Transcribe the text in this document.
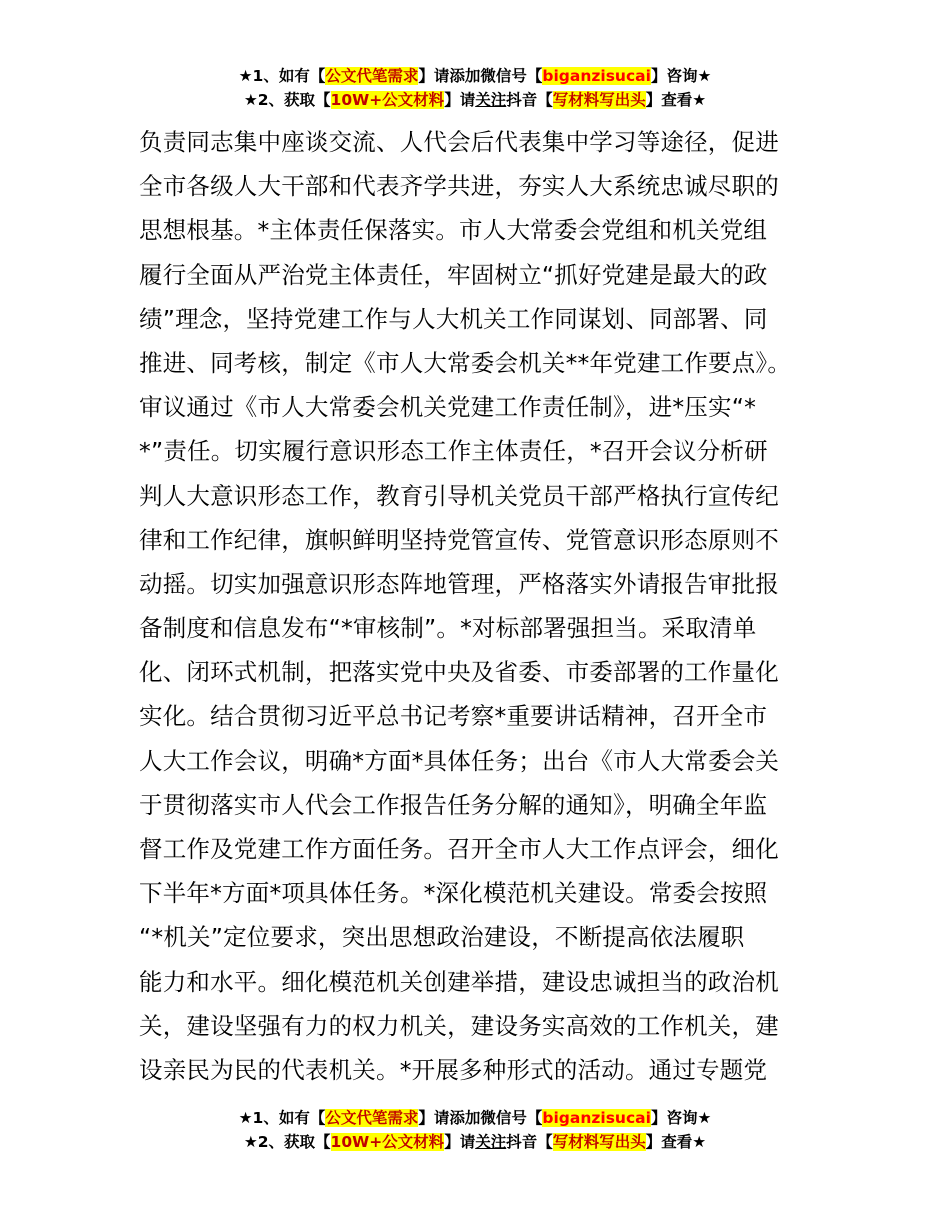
★1、如有【公文代笔需求】请添加微信号【biganzisucai】咨询★
★2、获取【10W+公文材料】请关注抖音【写材料写出头】查看★
负责同志集中座谈交流、人代会后代表集中学习等途径，促进
全市各级人大干部和代表齐学共进，夯实人大系统忠诚尽职的
思想根基。*主体责任保落实。市人大常委会党组和机关党组
履行全面从严治党主体责任，牢固树立“抓好党建是最大的政
绩”理念，坚持党建工作与人大机关工作同谋划、同部署、同
推进、同考核，制定《市人大常委会机关**年党建工作要点》。
审议通过《市人大常委会机关党建工作责任制》，进*压实“*
*”责任。切实履行意识形态工作主体责任，*召开会议分析研
判人大意识形态工作，教育引导机关党员干部严格执行宣传纪
律和工作纪律，旗帜鲜明坚持党管宣传、党管意识形态原则不
动摇。切实加强意识形态阵地管理，严格落实外请报告审批报
备制度和信息发布“*审核制”。*对标部署强担当。采取清单
化、闭环式机制，把落实党中央及省委、市委部署的工作量化
实化。结合贯彻习近平总书记考察*重要讲话精神，召开全市
人大工作会议，明确*方面*具体任务；出台《市人大常委会关
于贯彻落实市人代会工作报告任务分解的通知》，明确全年监
督工作及党建工作方面任务。召开全市人大工作点评会，细化
下半年*方面*项具体任务。*深化模范机关建设。常委会按照
“*机关”定位要求，突出思想政治建设，不断提高依法履职
能力和水平。细化模范机关创建举措，建设忠诚担当的政治机
关，建设坚强有力的权力机关，建设务实高效的工作机关，建
设亲民为民的代表机关。*开展多种形式的活动。通过专题党
★1、如有【公文代笔需求】请添加微信号【biganzisucai】咨询★
★2、获取【10W+公文材料】请关注抖音【写材料写出头】查看★
